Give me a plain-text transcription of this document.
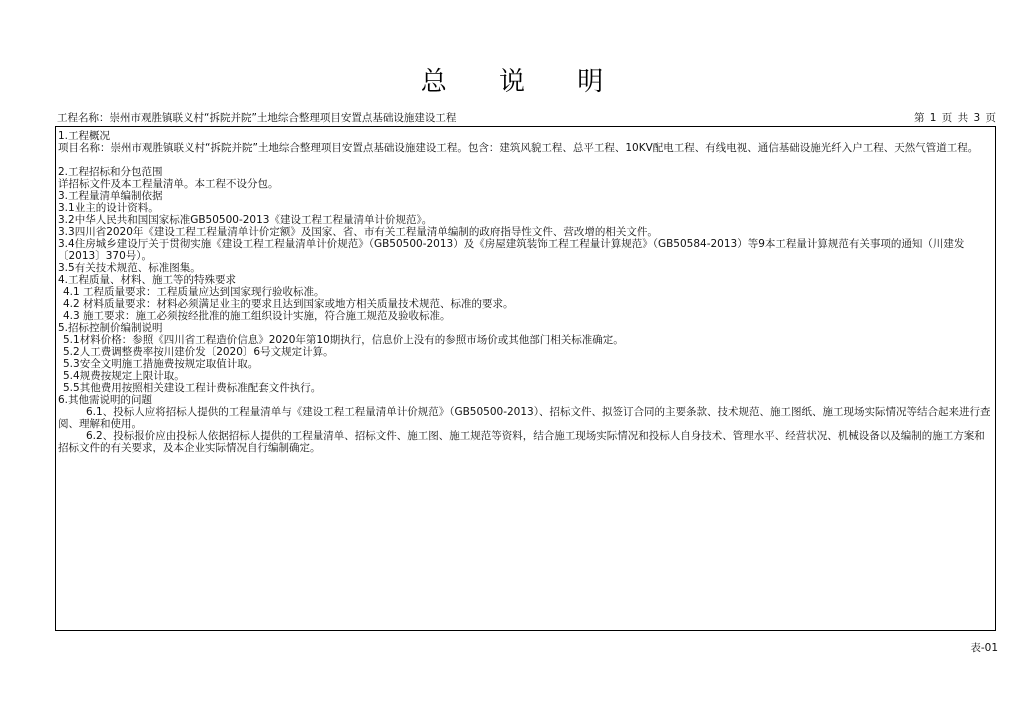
总 说 明
工程名称：崇州市观胜镇联义村“拆院并院”土地综合整理项目安置点基础设施建设工程	第 1 页 共 3 页
1.工程概况
项目名称：崇州市观胜镇联义村“拆院并院”土地综合整理项目安置点基础设施建设工程。包含：建筑风貌工程、总平工程、10KV配电工程、有线电视、通信基础设施光纤入户工程、天然气管道工程。
2.工程招标和分包范围
详招标文件及本工程量清单。本工程不设分包。
3.工程量清单编制依据
3.1业主的设计资料。
3.2中华人民共和国国家标准GB50500-2013《建设工程工程量清单计价规范》。
3.3四川省2020年《建设工程工程量清单计价定额》及国家、省、市有关工程量清单编制的政府指导性文件、营改增的相关文件。
3.4住房城乡建设厅关于贯彻实施《建设工程工程量清单计价规范》（GB50500-2013）及《房屋建筑装饰工程工程量计算规范》（GB50584-2013）等9本工程量计算规范有关事项的通知（川建发〔2013〕370号）。
3.5有关技术规范、标准图集。
4.工程质量、材料、施工等的特殊要求
4.1 工程质量要求：工程质量应达到国家现行验收标准。
4.2 材料质量要求：材料必须满足业主的要求且达到国家或地方相关质量技术规范、标准的要求。
4.3 施工要求：施工必须按经批准的施工组织设计实施，符合施工规范及验收标准。
5.招标控制价编制说明
5.1材料价格：参照《四川省工程造价信息》2020年第10期执行，信息价上没有的参照市场价或其他部门相关标准确定。
5.2人工费调整费率按川建价发〔2020〕6号文规定计算。
5.3安全文明施工措施费按规定取值计取。
5.4规费按规定上限计取。
5.5其他费用按照相关建设工程计费标准配套文件执行。
6.其他需说明的问题
6.1、投标人应将招标人提供的工程量清单与《建设工程工程量清单计价规范》（GB50500-2013）、招标文件、拟签订合同的主要条款、技术规范、施工图纸、施工现场实际情况等结合起来进行查阅、理解和使用。
6.2、投标报价应由投标人依据招标人提供的工程量清单、招标文件、施工图、施工规范等资料，结合施工现场实际情况和投标人自身技术、管理水平、经营状况、机械设备以及编制的施工方案和招标文件的有关要求，及本企业实际情况自行编制确定。
表-01
